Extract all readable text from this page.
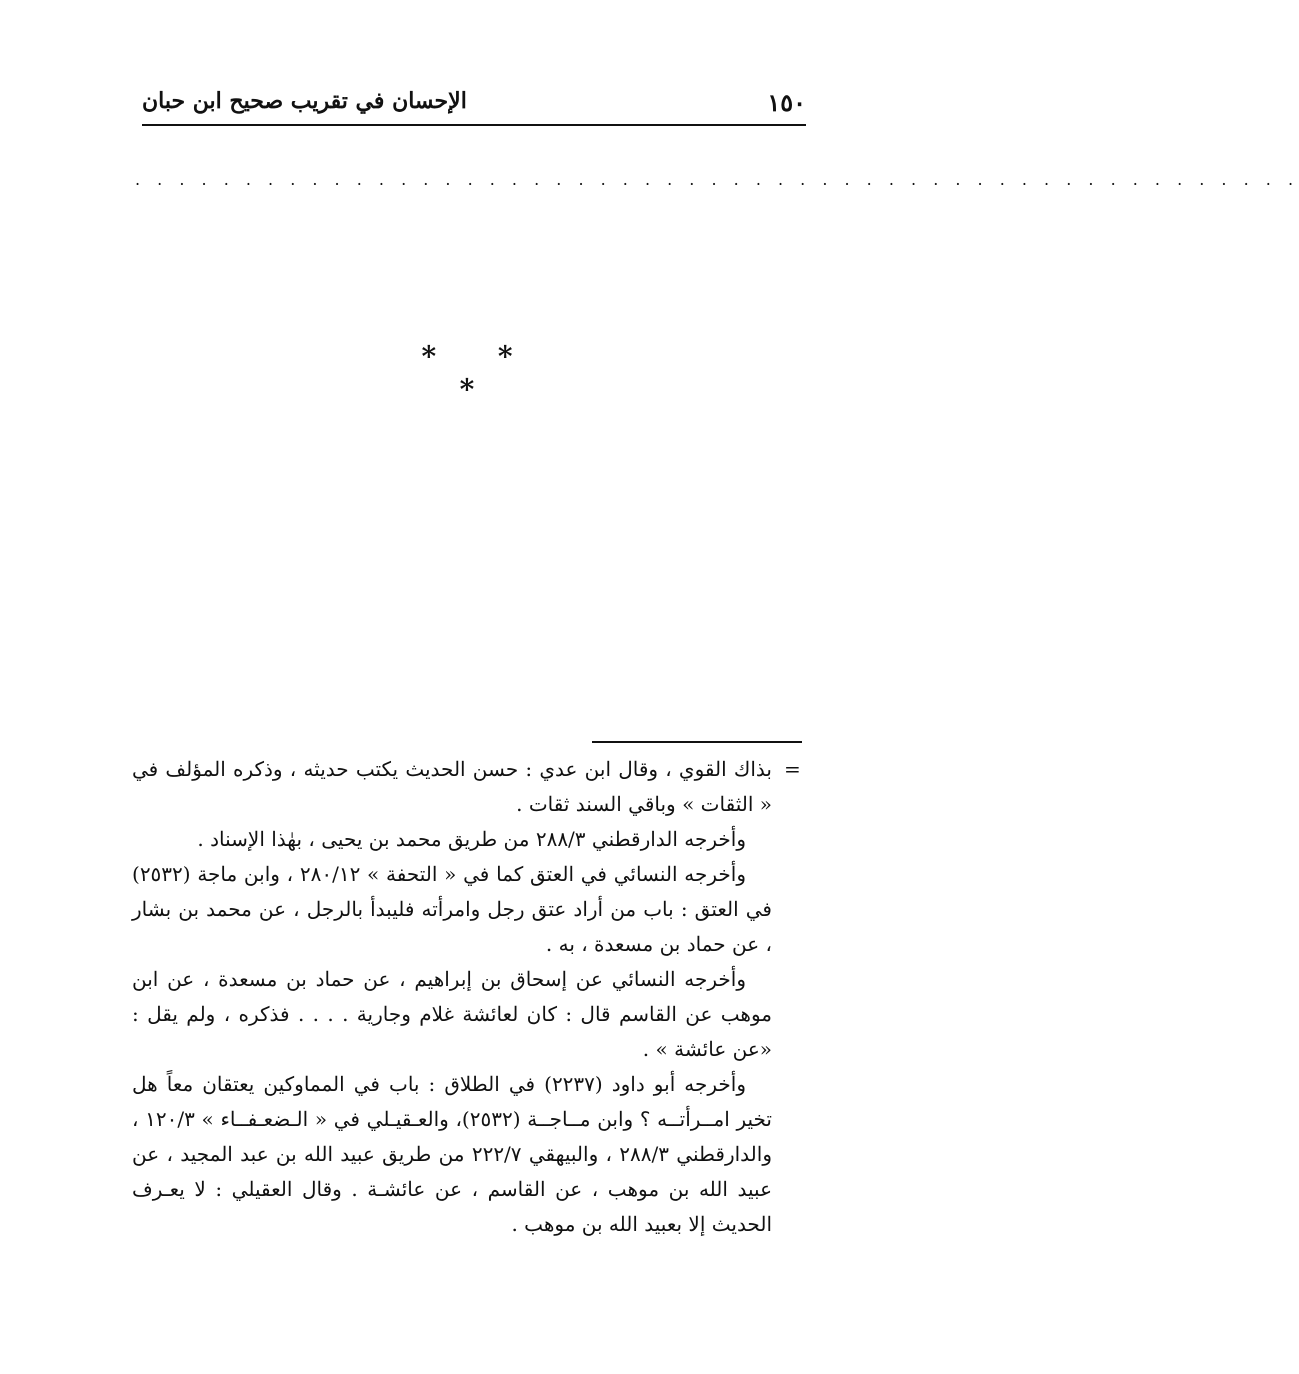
١٥٠
الإحسان في تقريب صحيح ابن حبان
. . . . . . . . . . . . . . . . . . . . . . . . . . . . . . . . . . . . . . . . . . . . . . . . . . . . .
* * *
=

بذاك القوي ، وقال ابن عدي : حسن الحديث يكتب حديثه ، وذكره المؤلف في « الثقات » وباقي السند ثقات .

وأخرجه الدارقطني ٢٨٨/٣ من طريق محمد بن يحيى ، بهٰذا الإسناد .

وأخرجه النسائي في العتق كما في « التحفة » ٢٨٠/١٢ ، وابن ماجة (٢٥٣٢) في العتق : باب من أراد عتق رجل وامرأته فليبدأ بالرجل ، عن محمد بن بشار ، عن حماد بن مسعدة ، به .

وأخرجه النسائي عن إسحاق بن إبراهيم ، عن حماد بن مسعدة ، عن ابن موهب عن القاسم قال : كان لعائشة غلام وجارية . . . . فذكره ، ولم يقل : «عن عائشة » .

وأخرجه أبو داود (٢٢٣٧) في الطلاق : باب في المماوكين يعتقان معاً هل تخير امــرأتــه ؟ وابن مــاجــة (٢٥٣٢)، والعـقيـلي في « الـضعـفــاء » ١٢٠/٣ ، والدارقطني ٢٨٨/٣ ، والبيهقي ٢٢٢/٧ من طريق عبيد الله بن عبد المجيد ، عن عبيد الله بن موهب ، عن القاسم ، عن عائشـة . وقال العقيلي : لا يعـرف الحديث إلا بعبيد الله بن موهب .
